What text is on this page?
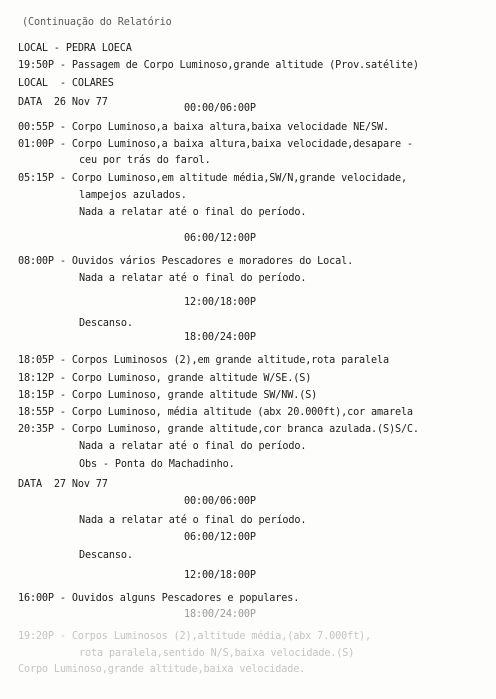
(Continuação do Relatório
LOCAL - PEDRA LOECA
19:50P - Passagem de Corpo Luminoso,grande altitude (Prov.satélite)
LOCAL  - COLARES
DATA  26 Nov 77
00:00/06:00P
00:55P - Corpo Luminoso,a baixa altura,baixa velocidade NE/SW.
01:00P - Corpo Luminoso,a baixa altura,baixa velocidade,desapare -
ceu por trás do farol.
05:15P - Corpo Luminoso,em altitude média,SW/N,grande velocidade,
lampejos azulados.
Nada a relatar até o final do período.
06:00/12:00P
08:00P - Ouvidos vários Pescadores e moradores do Local.
Nada a relatar até o final do período.
12:00/18:00P
Descanso.
18:00/24:00P
18:05P - Corpos Luminosos (2),em grande altitude,rota paralela
18:12P - Corpo Luminoso, grande altitude W/SE.(S)
18:15P - Corpo Luminoso, grande altitude SW/NW.(S)
18:55P - Corpo Luminoso, média altitude (abx 20.000ft),cor amarela
20:35P - Corpo Luminoso, grande altitude,cor branca azulada.(S)S/C.
Nada a relatar até o final do período.
Obs - Ponta do Machadinho.
DATA  27 Nov 77
00:00/06:00P
Nada a relatar até o final do período.
06:00/12:00P
Descanso.
12:00/18:00P
16:00P - Ouvidos alguns Pescadores e populares.
18:00/24:00P
19:20P - Corpos Luminosos (2),altitude média,(abx 7.000ft),
rota paralela,sentido N/S,baixa velocidade.(S)
Corpo Luminoso,grande altitude,baixa velocidade.
